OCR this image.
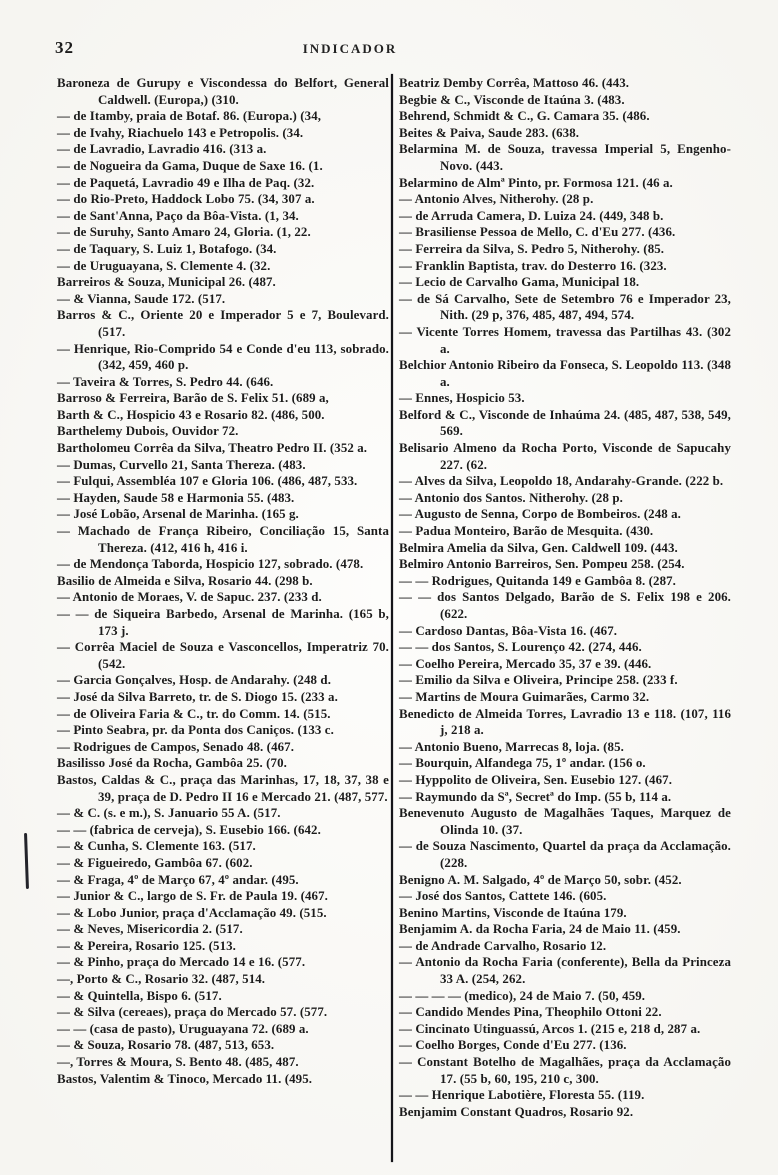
32	INDICADOR
Baroneza de Gurupy e Viscondessa do Belfort, General Caldwell. (Europa,) (310.
— de Itamby, praia de Botaf. 86. (Europa.) (34,
— de Ivahy, Riachuelo 143 e Petropolis. (34.
— de Lavradio, Lavradio 416. (313 a.
— de Nogueira da Gama, Duque de Saxe 16. (1.
— de Paquetá, Lavradio 49 e Ilha de Paq. (32.
— do Rio-Preto, Haddock Lobo 75. (34, 307 a.
— de Sant'Anna, Paço da Bôa-Vista. (1, 34.
— de Suruhy, Santo Amaro 24, Gloria. (1, 22.
— de Taquary, S. Luiz 1, Botafogo. (34.
— de Uruguayana, S. Clemente 4. (32.
Barreiros & Souza, Municipal 26. (487.
— & Vianna, Saude 172. (517.
Barros & C., Oriente 20 e Imperador 5 e 7, Boulevard. (517.
— Henrique, Rio-Comprido 54 e Conde d'eu 113, sobrado. (342, 459, 460 p.
— Taveira & Torres, S. Pedro 44. (646.
Barroso & Ferreira, Barão de S. Felix 51. (689 a,
Barth & C., Hospicio 43 e Rosario 82. (486, 500.
Barthelemy Dubois, Ouvidor 72.
Bartholomeu Corrêa da Silva, Theatro Pedro II. (352 a.
— Dumas, Curvello 21, Santa Thereza. (483.
— Fulqui, Assembléa 107 e Gloria 106. (486, 487, 533.
— Hayden, Saude 58 e Harmonia 55. (483.
— José Lobão, Arsenal de Marinha. (165 g.
— Machado de França Ribeiro, Conciliação 15, Santa Thereza. (412, 416 h, 416 i.
— de Mendonça Taborda, Hospicio 127, sobrado. (478.
Basilio de Almeida e Silva, Rosario 44. (298 b.
— Antonio de Moraes, V. de Sapuc. 237. (233 d.
— — de Siqueira Barbedo, Arsenal de Marinha. (165 b, 173 j.
— Corrêa Maciel de Souza e Vasconcellos, Imperatriz 70. (542.
— Garcia Gonçalves, Hosp. de Andarahy. (248 d.
— José da Silva Barreto, tr. de S. Diogo 15. (233 a.
— de Oliveira Faria & C., tr. do Comm. 14. (515.
— Pinto Seabra, pr. da Ponta dos Caniços. (133 c.
— Rodrigues de Campos, Senado 48. (467.
Basilisso José da Rocha, Gambôa 25. (70.
Bastos, Caldas & C., praça das Marinhas, 17, 18, 37, 38 e 39, praça de D. Pedro II 16 e Mercado 21. (487, 577.
— & C. (s. e m.), S. Januario 55 A. (517.
— — (fabrica de cerveja), S. Eusebio 166. (642.
— & Cunha, S. Clemente 163. (517.
— & Figueiredo, Gambôa 67. (602.
— & Fraga, 4º de Março 67, 4º andar. (495.
— Junior & C., largo de S. Fr. de Paula 19. (467.
— & Lobo Junior, praça d'Acclamação 49. (515.
— & Neves, Misericordia 2. (517.
— & Pereira, Rosario 125. (513.
— & Pinho, praça do Mercado 14 e 16. (577.
—, Porto & C., Rosario 32. (487, 514.
— & Quintella, Bispo 6. (517.
— & Silva (cereaes), praça do Mercado 57. (577.
— — (casa de pasto), Uruguayana 72. (689 a.
— & Souza, Rosario 78. (487, 513, 653.
—, Torres & Moura, S. Bento 48. (485, 487.
Bastos, Valentim & Tinoco, Mercado 11. (495.
Beatriz Demby Corrêa, Mattoso 46. (443.
Begbie & C., Visconde de Itaúna 3. (483.
Behrend, Schmidt & C., G. Camara 35. (486.
Beites & Paiva, Saude 283. (638.
Belarmina M. de Souza, travessa Imperial 5, Engenho-Novo. (443.
Belarmino de Almª Pinto, pr. Formosa 121. (46 a.
— Antonio Alves, Nitherohy. (28 p.
— de Arruda Camera, D. Luiza 24. (449, 348 b.
— Brasiliense Pessoa de Mello, C. d'Eu 277. (436.
— Ferreira da Silva, S. Pedro 5, Nitherohy. (85.
— Franklin Baptista, trav. do Desterro 16. (323.
— Lecio de Carvalho Gama, Municipal 18.
— de Sá Carvalho, Sete de Setembro 76 e Imperador 23, Nith. (29 p, 376, 485, 487, 494, 574.
— Vicente Torres Homem, travessa das Partilhas 43. (302 a.
Belchior Antonio Ribeiro da Fonseca, S. Leopoldo 113. (348 a.
— Ennes, Hospicio 53.
Belford & C., Visconde de Inhaúma 24. (485, 487, 538, 549, 569.
Belisario Almeno da Rocha Porto, Visconde de Sapucahy 227. (62.
— Alves da Silva, Leopoldo 18, Andarahy-Grande. (222 b.
— Antonio dos Santos. Nitherohy. (28 p.
— Augusto de Senna, Corpo de Bombeiros. (248 a.
— Padua Monteiro, Barão de Mesquita. (430.
Belmira Amelia da Silva, Gen. Caldwell 109. (443.
Belmiro Antonio Barreiros, Sen. Pompeu 258. (254.
— — Rodrigues, Quitanda 149 e Gambôa 8. (287.
— — dos Santos Delgado, Barão de S. Felix 198 e 206. (622.
— Cardoso Dantas, Bôa-Vista 16. (467.
— — dos Santos, S. Lourenço 42. (274, 446.
— Coelho Pereira, Mercado 35, 37 e 39. (446.
— Emilio da Silva e Oliveira, Principe 258. (233 f.
— Martins de Moura Guimarães, Carmo 32.
Benedicto de Almeida Torres, Lavradio 13 e 118. (107, 116 j, 218 a.
— Antonio Bueno, Marrecas 8, loja. (85.
— Bourquin, Alfandega 75, 1º andar. (156 o.
— Hyppolito de Oliveira, Sen. Eusebio 127. (467.
— Raymundo da Sª, Secretª do Imp. (55 b, 114 a.
Benevenuto Augusto de Magalhães Taques, Marquez de Olinda 10. (37.
— de Souza Nascimento, Quartel da praça da Acclamação. (228.
Benigno A. M. Salgado, 4º de Março 50, sobr. (452.
— José dos Santos, Cattete 146. (605.
Benino Martins, Visconde de Itaúna 179.
Benjamim A. da Rocha Faria, 24 de Maio 11. (459.
— de Andrade Carvalho, Rosario 12.
— Antonio da Rocha Faria (conferente), Bella da Princeza 33 A. (254, 262.
— — — — (medico), 24 de Maio 7. (50, 459.
— Candido Mendes Pina, Theophilo Ottoni 22.
— Cincinato Utinguassú, Arcos 1. (215 e, 218 d, 287 a.
— Coelho Borges, Conde d'Eu 277. (136.
— Constant Botelho de Magalhães, praça da Acclamação 17. (55 b, 60, 195, 210 c, 300.
— — Henrique Labotière, Floresta 55. (119.
Benjamim Constant Quadros, Rosario 92.
